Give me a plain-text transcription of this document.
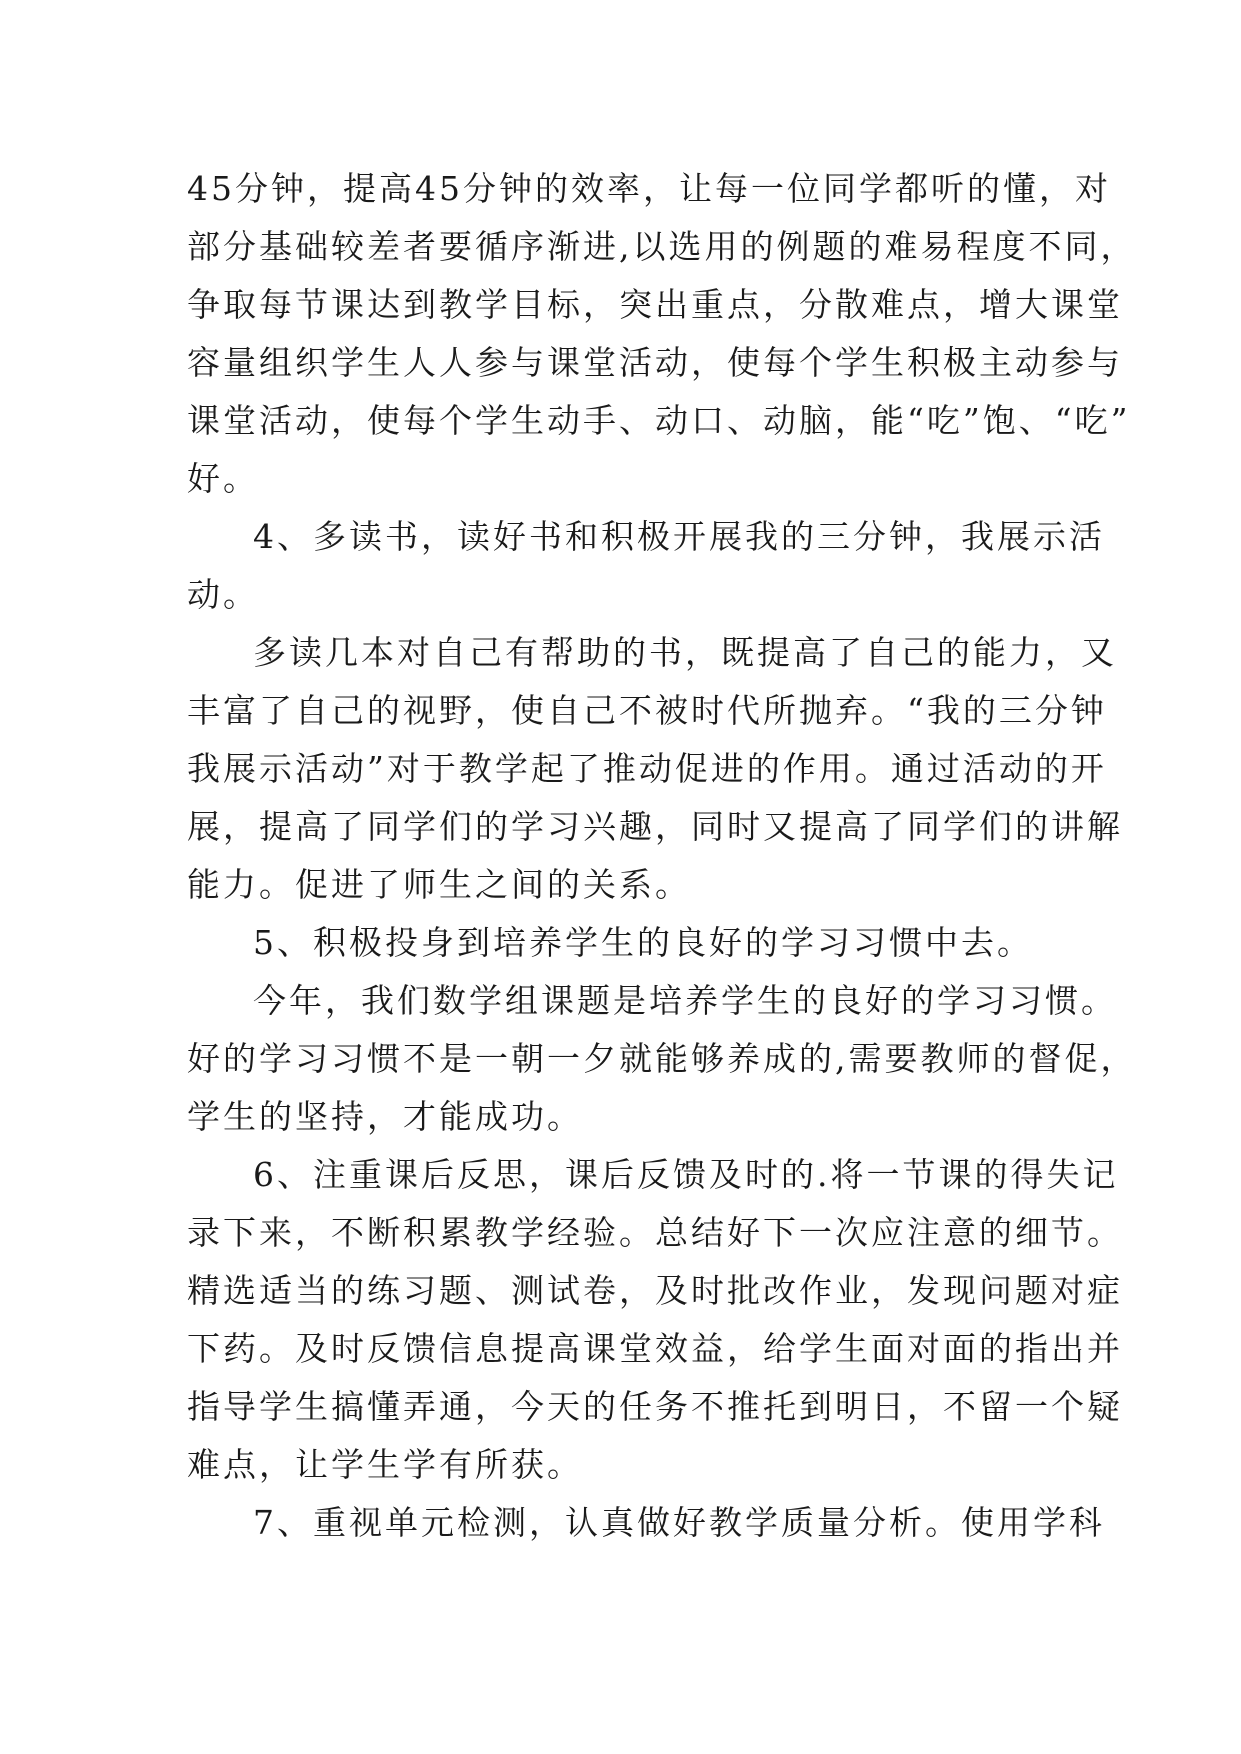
45分钟，提高45分钟的效率，让每一位同学都听的懂，对
部分基础较差者要循序渐进,以选用的例题的难易程度不同，
争取每节课达到教学目标，突出重点，分散难点，增大课堂
容量组织学生人人参与课堂活动，使每个学生积极主动参与
课堂活动，使每个学生动手、动口、动脑，能“吃”饱、“吃”
好。
4、多读书，读好书和积极开展我的三分钟，我展示活
动。
多读几本对自己有帮助的书，既提高了自己的能力，又
丰富了自己的视野，使自己不被时代所抛弃。“我的三分钟
我展示活动”对于教学起了推动促进的作用。通过活动的开
展，提高了同学们的学习兴趣，同时又提高了同学们的讲解
能力。促进了师生之间的关系。
5、积极投身到培养学生的良好的学习习惯中去。
今年，我们数学组课题是培养学生的良好的学习习惯。
好的学习习惯不是一朝一夕就能够养成的,需要教师的督促，
学生的坚持，才能成功。
6、注重课后反思，课后反馈及时的.将一节课的得失记
录下来，不断积累教学经验。总结好下一次应注意的细节。
精选适当的练习题、测试卷，及时批改作业，发现问题对症
下药。及时反馈信息提高课堂效益，给学生面对面的指出并
指导学生搞懂弄通，今天的任务不推托到明日，不留一个疑
难点，让学生学有所获。
7、重视单元检测，认真做好教学质量分析。使用学科
